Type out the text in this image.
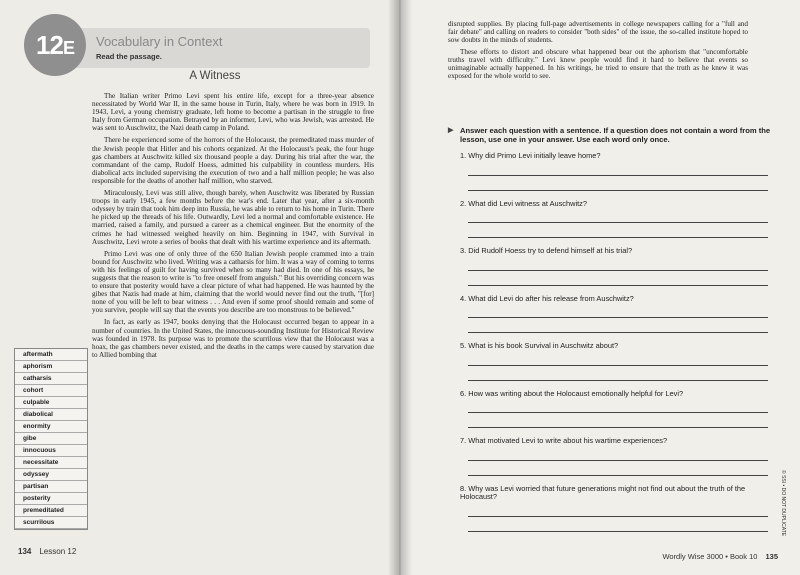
12E	Vocabulary in Context
Read the passage.
A Witness

The Italian writer Primo Levi spent his entire life, except for a three-year absence necessitated by World War II, in the same house in Turin, Italy, where he was born in 1919. In 1943, Levi, a young chemistry graduate, left home to become a partisan in the struggle to free Italy from German occupation. Betrayed by an informer, Levi, who was Jewish, was arrested. He was sent to Auschwitz, the Nazi death camp in Poland.

There he experienced some of the horrors of the Holocaust, the premeditated mass murder of the Jewish people that Hitler and his cohorts organized. At the Holocaust's peak, the four huge gas chambers at Auschwitz killed six thousand people a day. During his trial after the war, the commandant of the camp, Rudolf Hoess, admitted his culpability in countless murders. His diabolical acts included supervising the execution of two and a half million people; he was also responsible for the deaths of another half million, who starved.

Miraculously, Levi was still alive, though barely, when Auschwitz was liberated by Russian troops in early 1945, a few months before the war's end. Later that year, after a six-month odyssey by train that took him deep into Russia, he was able to return to his home in Turin. There he picked up the threads of his life. Outwardly, Levi led a normal and comfortable existence. He married, raised a family, and pursued a career as a chemical engineer. But the enormity of the crimes he had witnessed weighed heavily on him. Beginning in 1947, with Survival in Auschwitz, Levi wrote a series of books that dealt with his wartime experience and its aftermath.

Primo Levi was one of only three of the 650 Italian Jewish people crammed into a train bound for Auschwitz who lived. Writing was a catharsis for him. It was a way of coming to terms with his feelings of guilt for having survived when so many had died. In one of his essays, he suggests that the reason to write is "to free oneself from anguish." But his overriding concern was to ensure that posterity would have a clear picture of what had happened. He was haunted by the gibes that Nazis had made at him, claiming that the world would never find out the truth, "[for] none of you will be left to bear witness . . . And even if some proof should remain and some of you survive, people will say that the events you describe are too monstrous to be believed."

In fact, as early as 1947, books denying that the Holocaust occurred began to appear in a number of countries. In the United States, the innocuous-sounding Institute for Historical Review was founded in 1978. Its purpose was to promote the scurrilous view that the Holocaust was a hoax, the gas chambers never existed, and the deaths in the camps were caused by starvation due to Allied bombing that

aftermath
aphorism
catharsis
cohort
culpable
diabolical
enormity
gibe
innocuous
necessitate
odyssey
partisan
posterity
premeditated
scurrilous
134 Lesson 12

disrupted supplies. By placing full-page advertisements in college newspapers calling for a "full and fair debate" and calling on readers to consider "both sides" of the issue, the so-called institute hoped to sow doubts in the minds of students.

These efforts to distort and obscure what happened bear out the aphorism that "uncomfortable truths travel with difficulty." Levi knew people would find it hard to believe that events so unimaginable actually happened. In his writings, he tried to ensure that the truth as he knew it was exposed for the whole world to see.

▶ Answer each question with a sentence. If a question does not contain a word from the lesson, use one in your answer. Use each word only once.
1. Why did Primo Levi initially leave home?
2. What did Levi witness at Auschwitz?
3. Did Rudolf Hoess try to defend himself at his trial?
4. What did Levi do after his release from Auschwitz?
5. What is his book Survival in Auschwitz about?
6. How was writing about the Holocaust emotionally helpful for Levi?
7. What motivated Levi to write about his wartime experiences?
8. Why was Levi worried that future generations might not find out about the truth of the Holocaust?	© SSI • DO NOT DUPLICATE
Wordly Wise 3000 • Book 10 135
